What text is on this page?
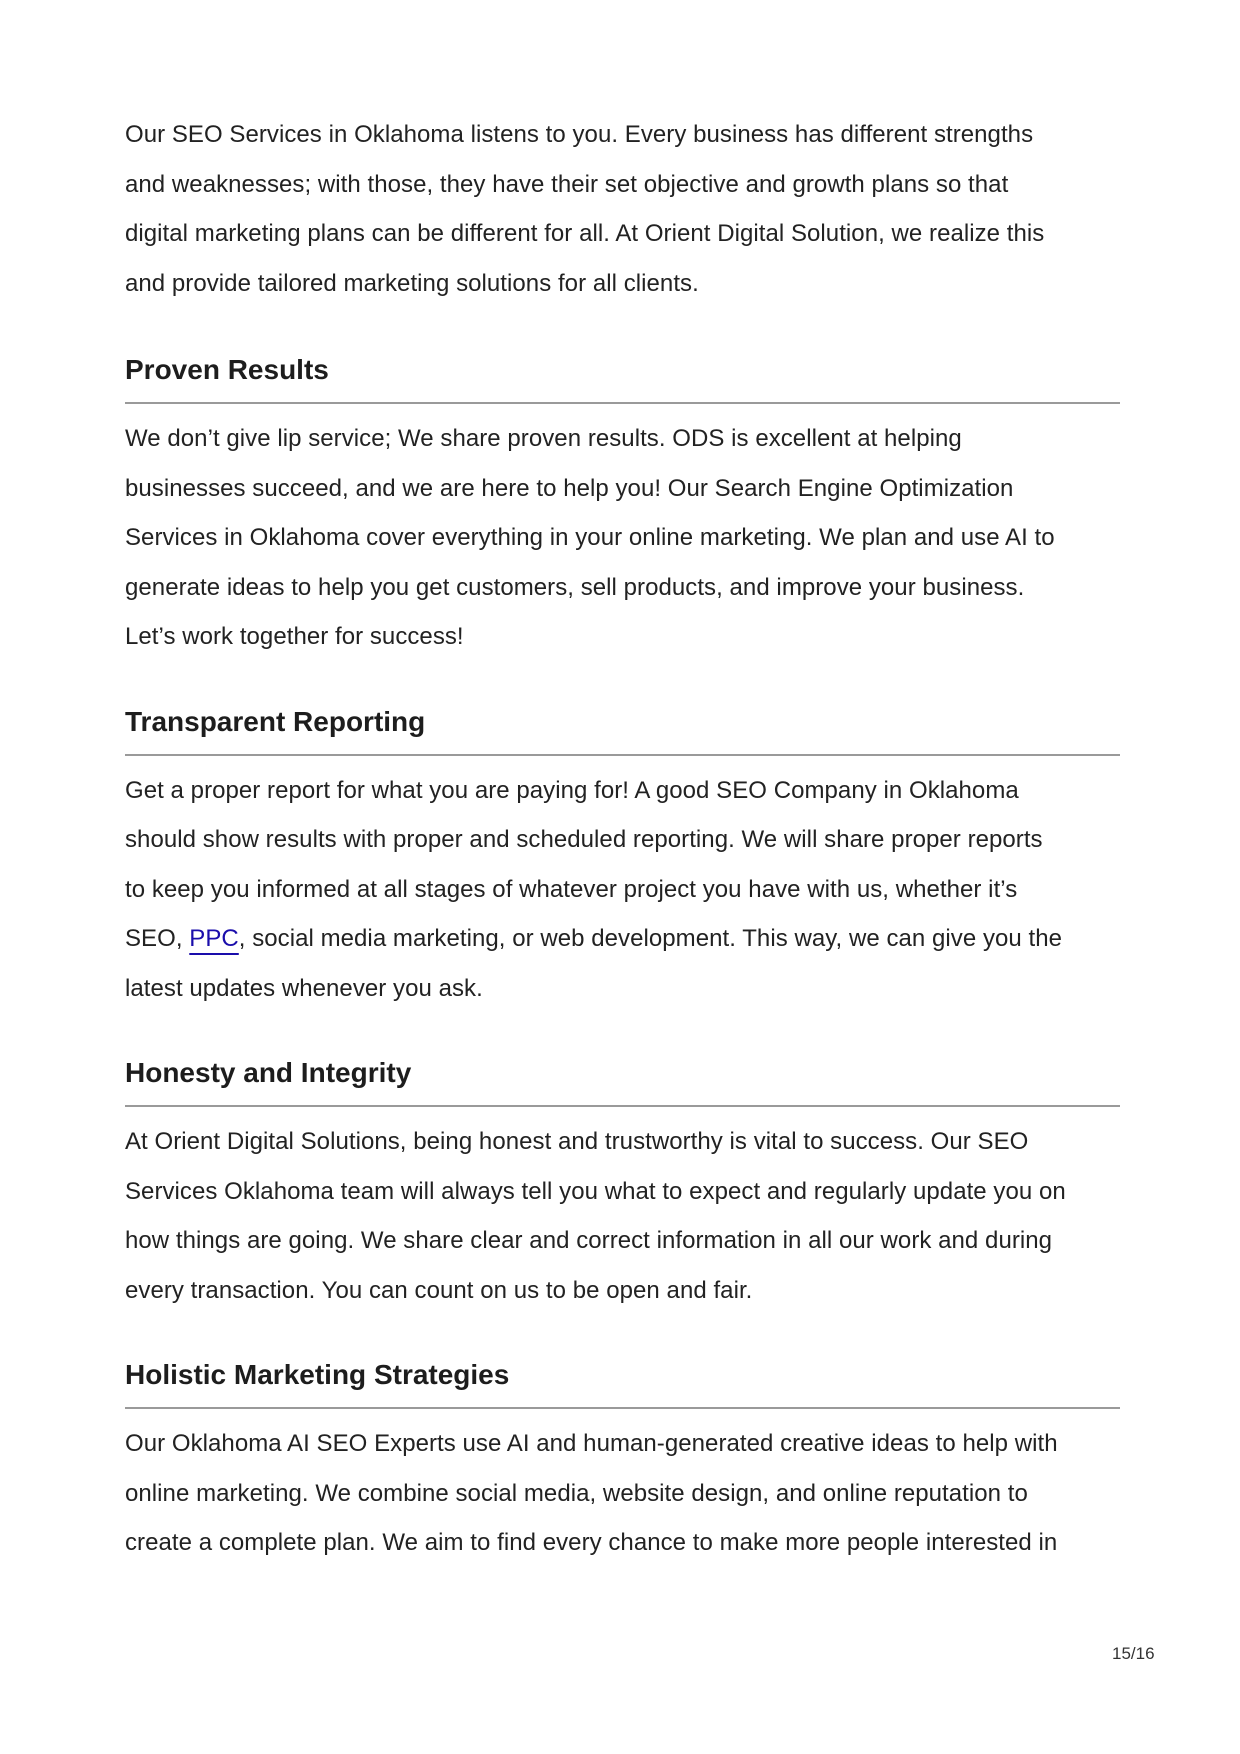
Our SEO Services in Oklahoma listens to you. Every business has different strengths
and weaknesses; with those, they have their set objective and growth plans so that
digital marketing plans can be different for all. At Orient Digital Solution, we realize this
and provide tailored marketing solutions for all clients.

Proven Results

We don’t give lip service; We share proven results. ODS is excellent at helping
businesses succeed, and we are here to help you! Our Search Engine Optimization
Services in Oklahoma cover everything in your online marketing. We plan and use AI to
generate ideas to help you get customers, sell products, and improve your business.
Let’s work together for success!

Transparent Reporting

Get a proper report for what you are paying for! A good SEO Company in Oklahoma
should show results with proper and scheduled reporting. We will share proper reports
to keep you informed at all stages of whatever project you have with us, whether it’s
SEO, PPC, social media marketing, or web development. This way, we can give you the
latest updates whenever you ask.

Honesty and Integrity

At Orient Digital Solutions, being honest and trustworthy is vital to success. Our SEO
Services Oklahoma team will always tell you what to expect and regularly update you on
how things are going. We share clear and correct information in all our work and during
every transaction. You can count on us to be open and fair.

Holistic Marketing Strategies

Our Oklahoma AI SEO Experts use AI and human-generated creative ideas to help with
online marketing. We combine social media, website design, and online reputation to
create a complete plan. We aim to find every chance to make more people interested in

15/16
